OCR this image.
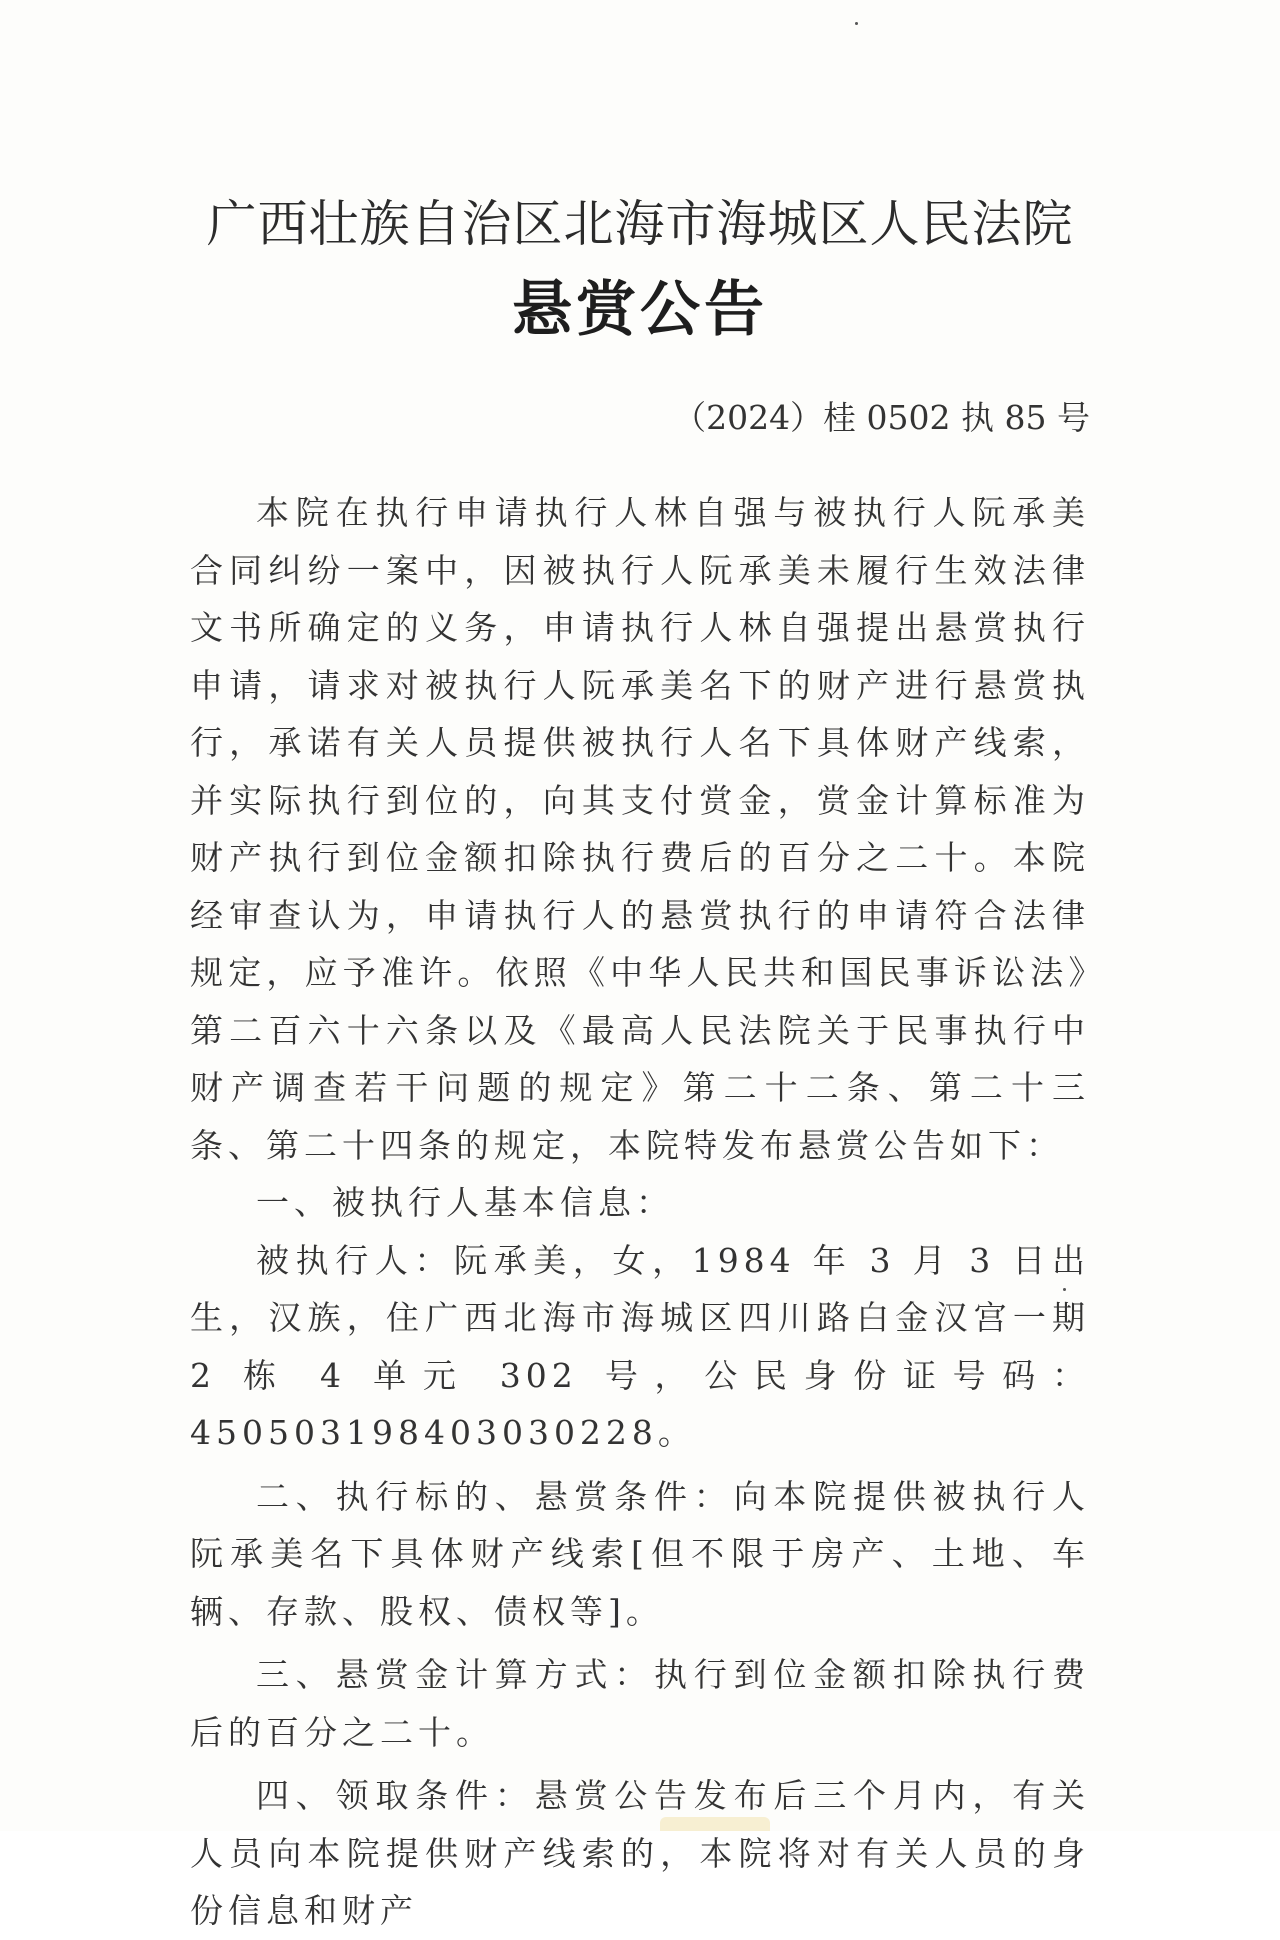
广西壮族自治区北海市海城区人民法院
悬赏公告
（2024）桂 0502 执 85 号

本院在执行申请执行人林自强与被执行人阮承美合同纠纷一案中，因被执行人阮承美未履行生效法律文书所确定的义务，申请执行人林自强提出悬赏执行申请，请求对被执行人阮承美名下的财产进行悬赏执行，承诺有关人员提供被执行人名下具体财产线索，并实际执行到位的，向其支付赏金，赏金计算标准为财产执行到位金额扣除执行费后的百分之二十。本院经审查认为，申请执行人的悬赏执行的申请符合法律规定，应予准许。依照《中华人民共和国民事诉讼法》第二百六十六条以及《最高人民法院关于民事执行中财产调查若干问题的规定》第二十二条、第二十三条、第二十四条的规定，本院特发布悬赏公告如下：

一、被执行人基本信息：

被执行人：阮承美，女，1984 年 3 月 3 日出生，汉族，住广西北海市海城区四川路白金汉宫一期 2 栋 4 单元 302 号，公民身份证号码：450503198403030228。

二、执行标的、悬赏条件：向本院提供被执行人阮承美名下具体财产线索[但不限于房产、土地、车辆、存款、股权、债权等]。

三、悬赏金计算方式：执行到位金额扣除执行费后的百分之二十。

四、领取条件：悬赏公告发布后三个月内，有关人员向本院提供财产线索的，本院将对有关人员的身份信息和财产
